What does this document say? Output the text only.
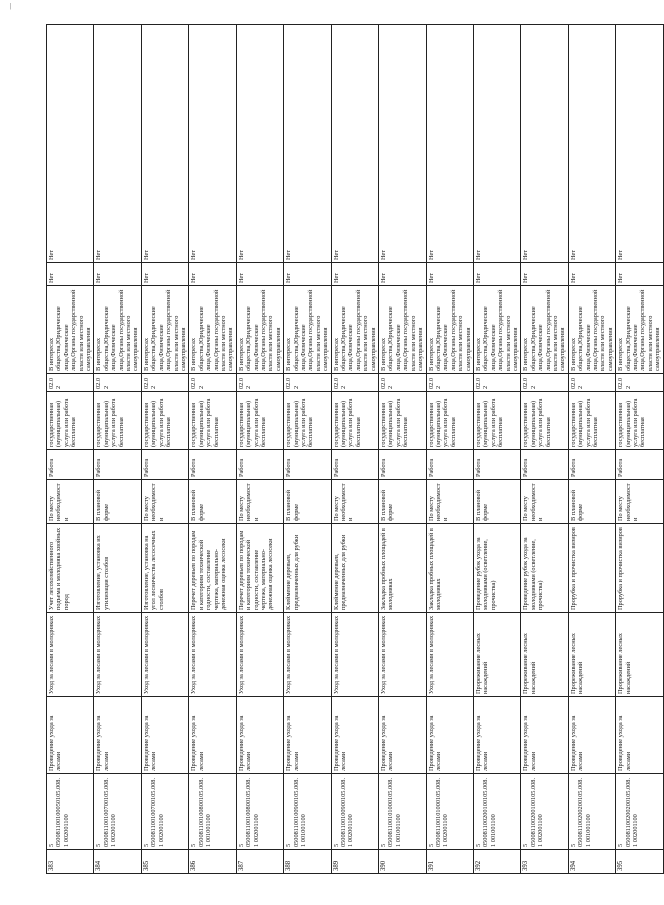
|
383	5 050081100100050105.008.1 002001100	Проведение ухода за лесами	Уход за лесами в молодняках	Учет лесохозяйственного подъема и молодняка хвойных пород	По месту необходимости	Работа	государственная (муниципальная) услуга или работа бесплатная	02.02	В интересах общества,Юридические лица,Физические лица,Органы государственной власти или местного самоуправления	Нет	Нет
384	5 050081100100700105.008.1 002001100	Проведение ухода за лесами	Уход за лесами в молодняках	Изготовление, установка их утилизация столбов	В плановой форме	Работа	государственная (муниципальная) услуга или работа бесплатная	02.02	В интересах общества,Юридические лица,Физические лица,Органы государственной власти или местного самоуправления	Нет	Нет
385	5 050081100100700105.008.1 002001100	Проведение ухода за лесами	Уход за лесами в молодняках	Изготовление, установка на угол лесничества лесосечных столбов	По месту необходимости	Работа	государственная (муниципальная) услуга или работа бесплатная	02.02	В интересах общества,Юридические лица,Физические лица,Органы государственной власти или местного самоуправления	Нет	Нет
386	5 050081100100800105.008.1 001001100	Проведение ухода за лесами	Уход за лесами в молодняках	Перечет деревьев по породам и категориям технической годности, составление чертежа, материально-денежная оценка лесосеки	В плановой форме	Работа	государственная (муниципальная) услуга или работа бесплатная	02.02	В интересах общества,Юридические лица,Физические лица,Органы государственной власти или местного самоуправления	Нет	Нет
387	5 050081100100800105.008.1 002001100	Проведение ухода за лесами	Уход за лесами в молодняках	Перечет деревьев по породам и категориям технической годности, составление чертежа, материально-денежная оценка лесосеки	По месту необходимости	Работа	государственная (муниципальная) услуга или работа бесплатная	02.02	В интересах общества,Юридические лица,Физические лица,Органы государственной власти или местного самоуправления	Нет	Нет
388	5 050081100100900105.008.1 001001100	Проведение ухода за лесами	Уход за лесами в молодняках	Клеймение деревьев, предназначенных для рубки	В плановой форме	Работа	государственная (муниципальная) услуга или работа бесплатная	02.02	В интересах общества,Юридические лица,Физические лица,Органы государственной власти или местного самоуправления	Нет	Нет
389	5 050081100100900105.008.1 002001100	Проведение ухода за лесами	Уход за лесами в молодняках	Клеймение деревьев, предназначенных для рубки	По месту необходимости	Работа	государственная (муниципальная) услуга или работа бесплатная	02.02	В интересах общества,Юридические лица,Физические лица,Органы государственной власти или местного самоуправления	Нет	Нет
390	5 050081100101000105.008.1 001001100	Проведение ухода за лесами	Уход за лесами в молодняках	Закладка пробных площадей в молодняках	В плановой форме	Работа	государственная (муниципальная) услуга или работа бесплатная	02.02	В интересах общества,Юридические лица,Физические лица,Органы государственной власти или местного самоуправления	Нет	Нет
391	5 050081100101000105.008.1 002001100	Проведение ухода за лесами	Уход за лесами в молодняках	Закладка пробных площадей в молодняках	По месту необходимости	Работа	государственная (муниципальная) услуга или работа бесплатная	02.02	В интересах общества,Юридические лица,Физические лица,Органы государственной власти или местного самоуправления	Нет	Нет
392	5 050081100200100105.008.1 001001100	Проведение ухода за лесами	Прореживание лесных насаждений	Проведение рубок ухода за молодняками (осветление, прочистка)	В плановой форме	Работа	государственная (муниципальная) услуга или работа бесплатная	02.02	В интересах общества,Юридические лица,Физические лица,Органы государственной власти или местного самоуправления	Нет	Нет
393	5 050081100200100105.008.1 002001100	Проведение ухода за лесами	Прореживание лесных насаждений	Проведение рубок ухода за молодняками (осветление, прочистка)	По месту необходимости	Работа	государственная (муниципальная) услуга или работа бесплатная	02.02	В интересах общества,Юридические лица,Физические лица,Органы государственной власти или местного самоуправления	Нет	Нет
394	5 050081100200200105.008.1 001001100	Проведение ухода за лесами	Прореживание лесных насаждений	Прорубка и прочистка визиров	В плановой форме	Работа	государственная (муниципальная) услуга или работа бесплатная	02.02	В интересах общества,Юридические лица,Физические лица,Органы государственной власти или местного самоуправления	Нет	Нет
395	5 050081100200200105.008.1 002001100	Проведение ухода за лесами	Прореживание лесных насаждений	Прорубка и прочистка визиров	По месту необходимости	Работа	государственная (муниципальная) услуга или работа бесплатная	02.02	В интересах общества,Юридические лица,Физические лица,Органы государственной власти или местного самоуправления	Нет	Нет
